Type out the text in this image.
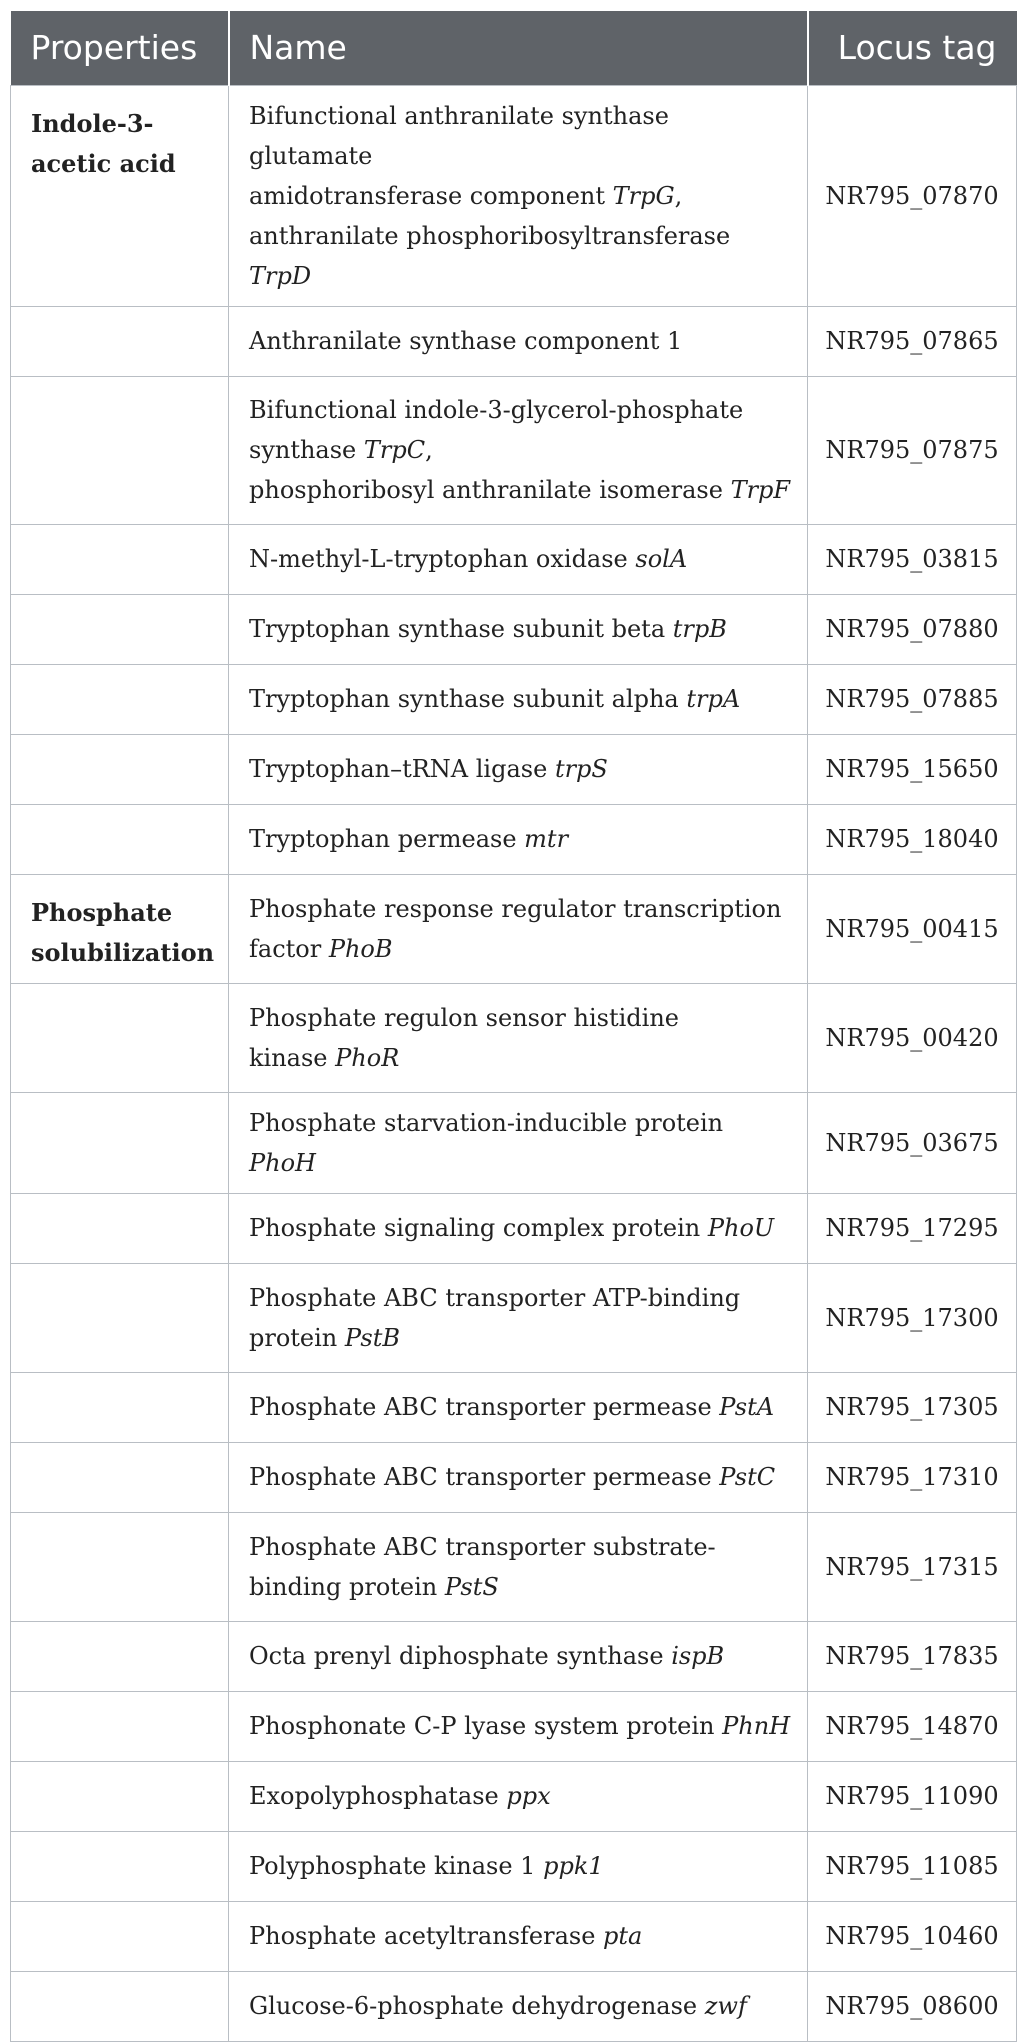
Properties	Name	Locus tag
Indole-3-acetic acid	Bifunctional anthranilate synthase glutamate
amidotransferase component TrpG,
anthranilate phosphoribosyltransferase TrpD	NR795_07870
	Anthranilate synthase component 1	NR795_07865
	Bifunctional indole-3-glycerol-phosphate
synthase TrpC,
phosphoribosyl anthranilate isomerase TrpF	NR795_07875
	N-methyl-L-tryptophan oxidase solA	NR795_03815
	Tryptophan synthase subunit beta trpB	NR795_07880
	Tryptophan synthase subunit alpha trpA	NR795_07885
	Tryptophan–tRNA ligase trpS	NR795_15650
	Tryptophan permease mtr	NR795_18040
Phosphate solubilization	Phosphate response regulator transcription
factor PhoB	NR795_00415
	Phosphate regulon sensor histidine
kinase PhoR	NR795_00420
	Phosphate starvation-inducible protein PhoH	NR795_03675
	Phosphate signaling complex protein PhoU	NR795_17295
	Phosphate ABC transporter ATP-binding
protein PstB	NR795_17300
	Phosphate ABC transporter permease PstA	NR795_17305
	Phosphate ABC transporter permease PstC	NR795_17310
	Phosphate ABC transporter substrate-
binding protein PstS	NR795_17315
	Octa prenyl diphosphate synthase ispB	NR795_17835
	Phosphonate C-P lyase system protein PhnH	NR795_14870
	Exopolyphosphatase ppx	NR795_11090
	Polyphosphate kinase 1 ppk1	NR795_11085
	Phosphate acetyltransferase pta	NR795_10460
	Glucose-6-phosphate dehydrogenase zwf	NR795_08600
